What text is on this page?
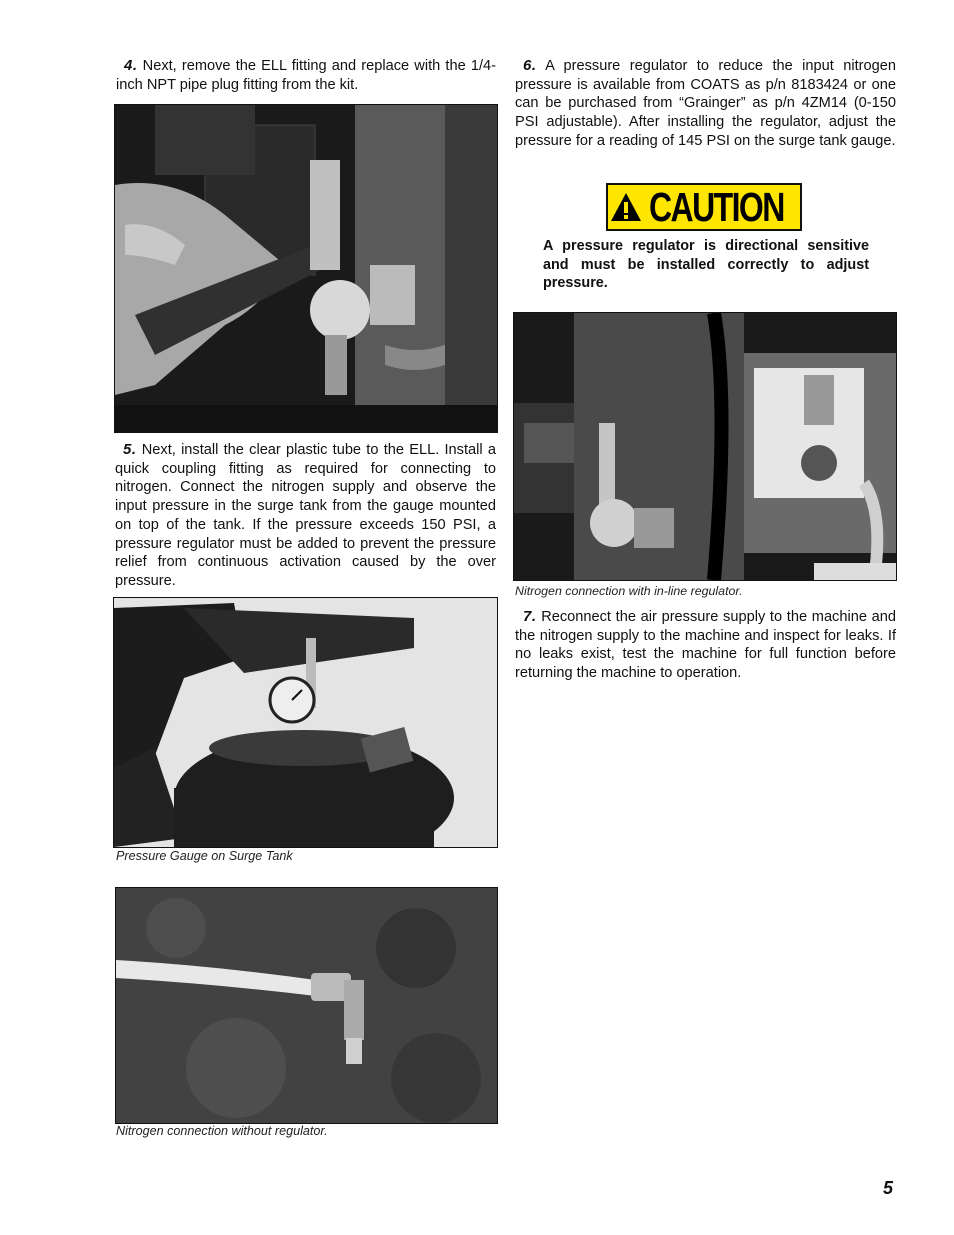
4. Next, remove the ELL fitting and replace with the 1/4-inch NPT pipe plug fitting from the kit.
5. Next, install the clear plastic tube to the ELL. Install a quick coupling fitting as required for connecting to nitrogen. Connect the nitrogen supply and observe the input pressure in the surge tank from the gauge mounted on top of the tank. If the pressure exceeds 150 PSI, a pressure regulator must be added to prevent the pressure relief from continuous activation caused by the over pressure.
Pressure Gauge on Surge Tank
Nitrogen connection without regulator.
6. A pressure regulator to reduce the input nitrogen pressure is available from COATS as p/n 8183424 or one can be purchased from “Grainger” as p/n 4ZM14 (0-150 PSI adjustable). After installing the regulator, adjust the pressure for a reading of 145 PSI on the surge tank gauge.
CAUTION
A pressure regulator is directional sensitive and must be installed correctly to adjust pressure.
Nitrogen connection with in-line regulator.
7. Reconnect the air pressure supply to the machine and the nitrogen supply to the machine and inspect for leaks. If no leaks exist, test the machine for full function before returning the machine to operation.
5
